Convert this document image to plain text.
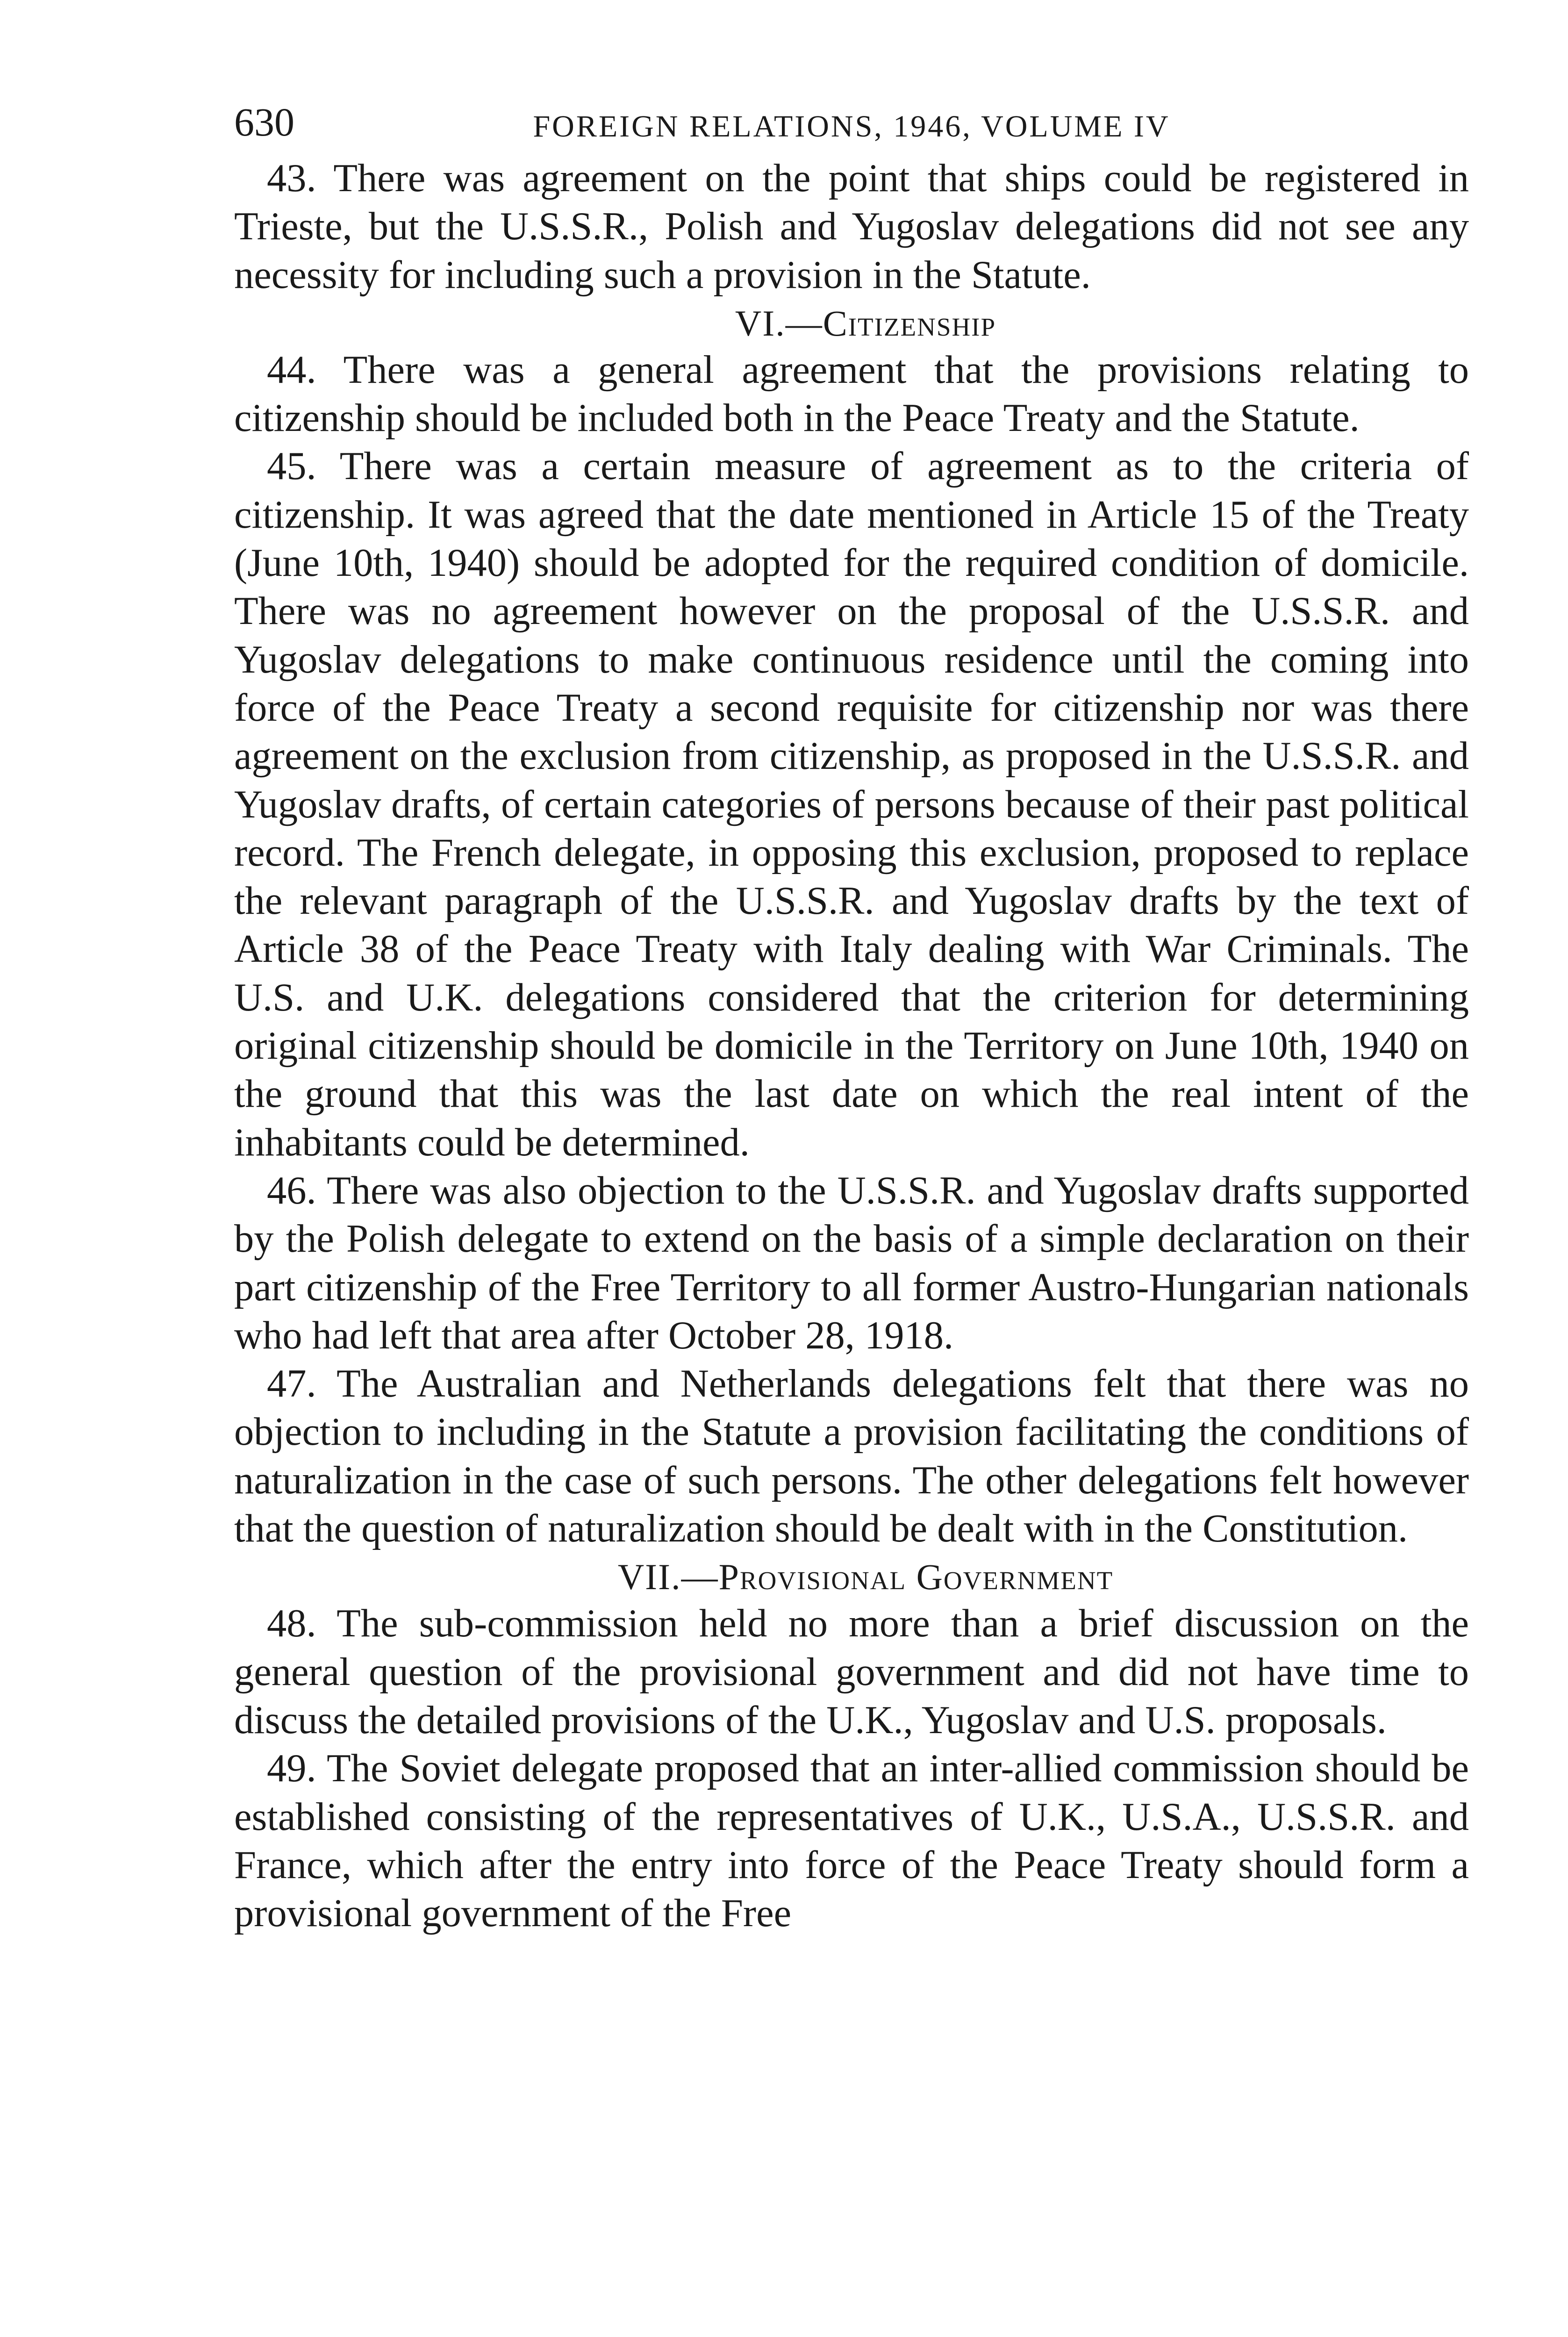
630	FOREIGN RELATIONS, 1946, VOLUME IV

43. There was agreement on the point that ships could be registered in Trieste, but the U.S.S.R., Polish and Yugoslav delegations did not see any necessity for including such a provision in the Statute.

VI.—Citizenship

44. There was a general agreement that the provisions relating to citizenship should be included both in the Peace Treaty and the Statute.

45. There was a certain measure of agreement as to the criteria of citizenship. It was agreed that the date mentioned in Article 15 of the Treaty (June 10th, 1940) should be adopted for the required condition of domicile. There was no agreement however on the proposal of the U.S.S.R. and Yugoslav delegations to make continuous residence until the coming into force of the Peace Treaty a second requisite for citizenship nor was there agreement on the exclusion from citizenship, as proposed in the U.S.S.R. and Yugoslav drafts, of certain categories of persons because of their past political record. The French delegate, in opposing this exclusion, proposed to replace the relevant paragraph of the U.S.S.R. and Yugoslav drafts by the text of Article 38 of the Peace Treaty with Italy dealing with War Criminals. The U.S. and U.K. delegations considered that the criterion for determining original citizenship should be domicile in the Territory on June 10th, 1940 on the ground that this was the last date on which the real intent of the inhabitants could be determined.

46. There was also objection to the U.S.S.R. and Yugoslav drafts supported by the Polish delegate to extend on the basis of a simple declaration on their part citizenship of the Free Territory to all former Austro-Hungarian nationals who had left that area after October 28, 1918.

47. The Australian and Netherlands delegations felt that there was no objection to including in the Statute a provision facilitating the conditions of naturalization in the case of such persons. The other delegations felt however that the question of naturalization should be dealt with in the Constitution.

VII.—Provisional Government

48. The sub-commission held no more than a brief discussion on the general question of the provisional government and did not have time to discuss the detailed provisions of the U.K., Yugoslav and U.S. proposals.

49. The Soviet delegate proposed that an inter-allied commission should be established consisting of the representatives of U.K., U.S.A., U.S.S.R. and France, which after the entry into force of the Peace Treaty should form a provisional government of the Free
